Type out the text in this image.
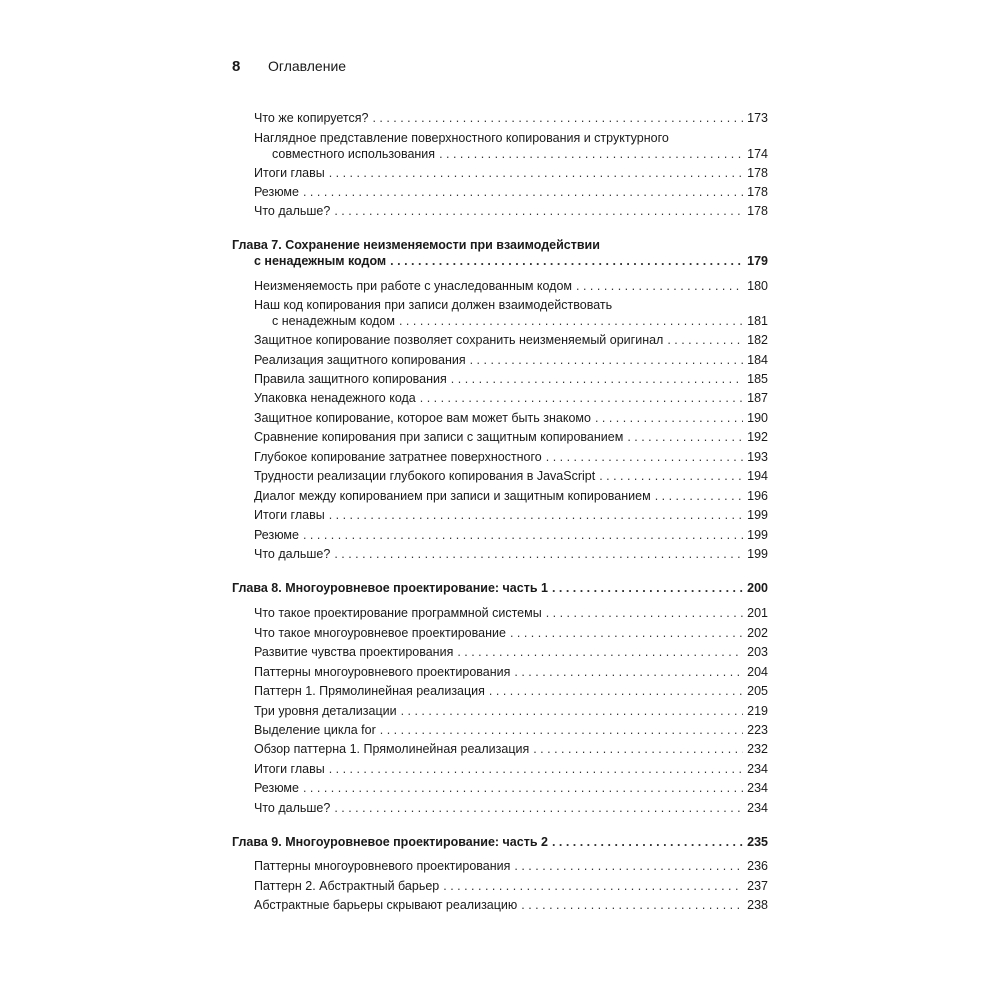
8	Оглавление
Что же копируется? . . .	173
Наглядное представление поверхностного копирования и структурного
совместного использования . . .	174
Итоги главы . . .	178
Резюме . . .	178
Что дальше? . . .	178
Глава 7. Сохранение неизменяемости при взаимодействии
с ненадежным кодом . . .	179
Неизменяемость при работе с унаследованным кодом . . .	180
Наш код копирования при записи должен взаимодействовать
с ненадежным кодом . . .	181
Защитное копирование позволяет сохранить неизменяемый оригинал . . .	182
Реализация защитного копирования . . .	184
Правила защитного копирования . . .	185
Упаковка ненадежного кода . . .	187
Защитное копирование, которое вам может быть знакомо . . .	190
Сравнение копирования при записи с защитным копированием . . .	192
Глубокое копирование затратнее поверхностного . . .	193
Трудности реализации глубокого копирования в JavaScript . . .	194
Диалог между копированием при записи и защитным копированием . . .	196
Итоги главы . . .	199
Резюме . . .	199
Что дальше? . . .	199
Глава 8. Многоуровневое проектирование: часть 1 . . .	200
Что такое проектирование программной системы . . .	201
Что такое многоуровневое проектирование . . .	202
Развитие чувства проектирования . . .	203
Паттерны многоуровневого проектирования . . .	204
Паттерн 1. Прямолинейная реализация . . .	205
Три уровня детализации . . .	219
Выделение цикла for . . .	223
Обзор паттерна 1. Прямолинейная реализация . . .	232
Итоги главы . . .	234
Резюме . . .	234
Что дальше? . . .	234
Глава 9. Многоуровневое проектирование: часть 2 . . .	235
Паттерны многоуровневого проектирования . . .	236
Паттерн 2. Абстрактный барьер . . .	237
Абстрактные барьеры скрывают реализацию . . .	238
